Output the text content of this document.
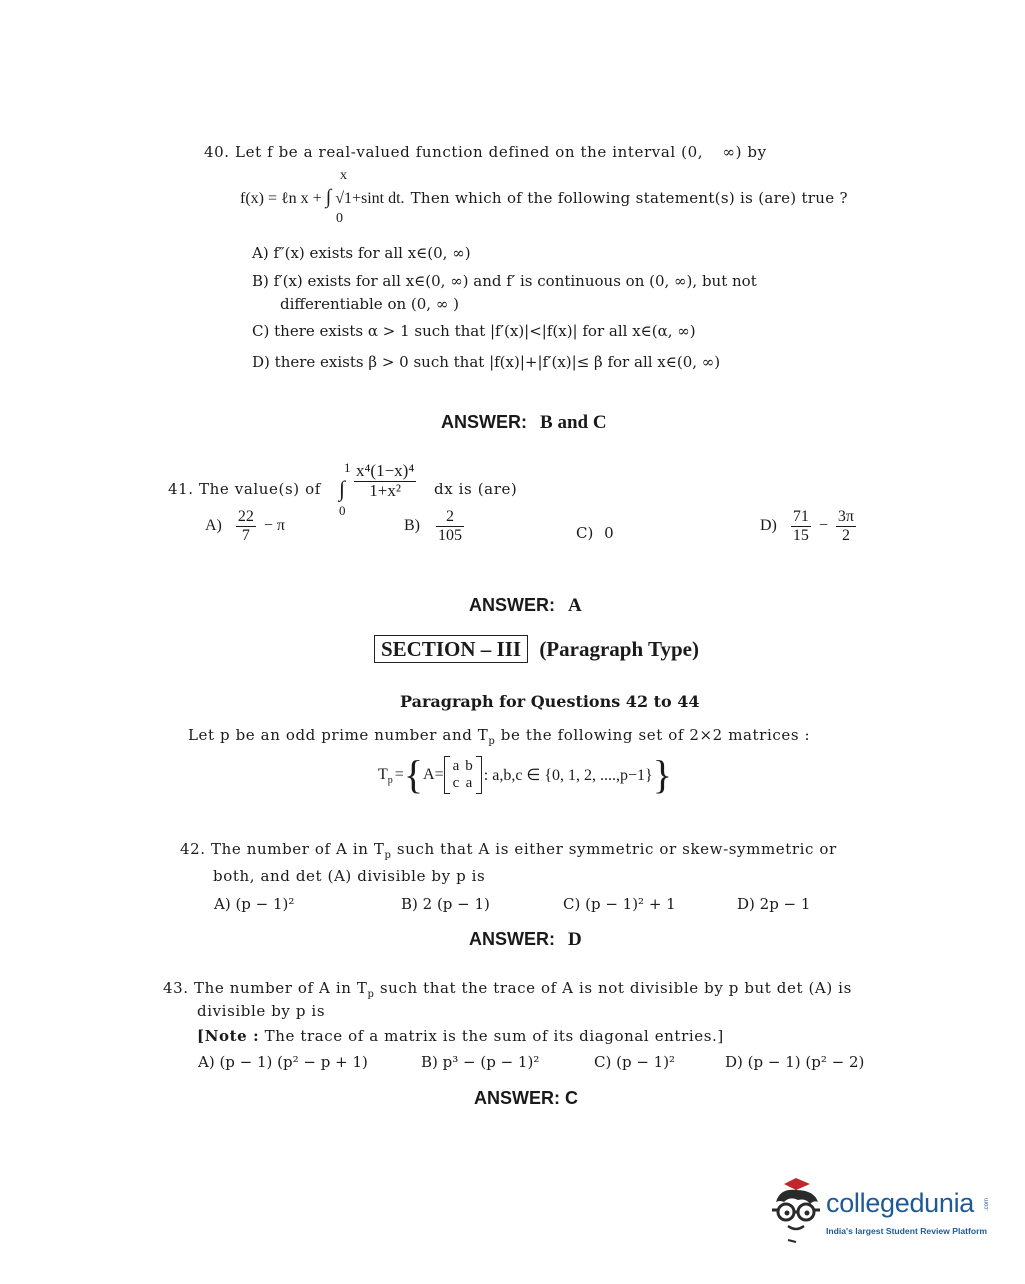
40. Let f be a real-valued function defined on the interval (0, ∞) by
x
f(x) = ℓn x + ∫ √1+sint dt. Then which of the following statement(s) is (are) true ?
0
A) f″(x) exists for all x∈(0, ∞)
B) f′(x) exists for all x∈(0, ∞) and f′ is continuous on (0, ∞), but not
differentiable on (0, ∞ )
C) there exists α > 1 such that |f′(x)|<|f(x)| for all x∈(α, ∞)
D) there exists β > 0 such that |f(x)|+|f′(x)|≤ β for all x∈(0, ∞)
ANSWER: B and C
41. The value(s) of
1
∫
0
$\frac{\text{x⁴(1−x)⁴}}{\text{1+x²}}$ dx is (are)
$A) \frac{22}{7} - \pi$	$B) \frac{2}{105}$	C) 0	$D) \frac{71}{15} - \frac{3\pi}{2}$
ANSWER: A
SECTION – III (Paragraph Type)
Paragraph for Questions 42 to 44
Let p be an odd prime number and $T_p$ be the following set of 2×2 matrices :
$T_p$ = { A= a	b
c	a : a,b,c ∈ {0, 1, 2, ....,p−1} }
42. The number of A in $T_p$ such that A is either symmetric or skew-symmetric or
both, and det (A) divisible by p is
A) (p − 1)²	B) 2 (p − 1)	C) (p − 1)² + 1	D) 2p − 1
ANSWER: D
43. The number of A in $T_p$ such that the trace of A is not divisible by p but det (A) is
divisible by p is
[Note : The trace of a matrix is the sum of its diagonal entries.]
A) (p − 1) (p² − p + 1)	B) p³ − (p − 1)²	C) (p − 1)²	D) (p − 1) (p² − 2)
ANSWER: C
collegedunia .com
India's largest Student Review Platform
